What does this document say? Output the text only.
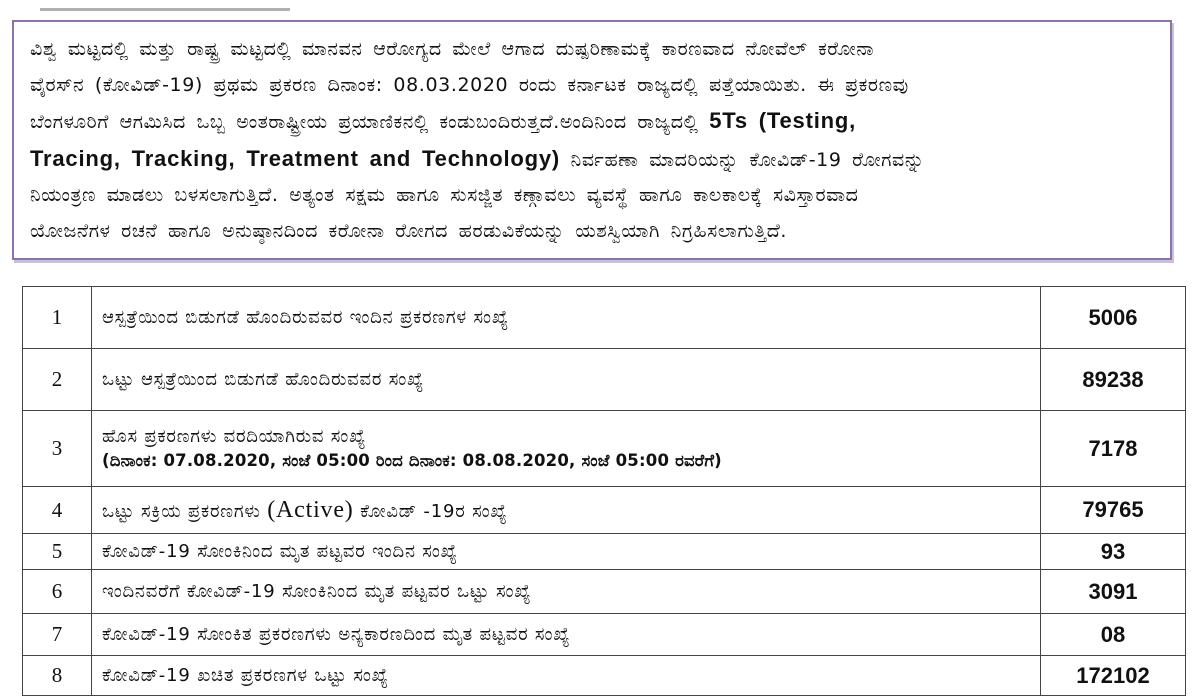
ವಿಶ್ವ ಮಟ್ಟದಲ್ಲಿ ಮತ್ತು ರಾಷ್ಟ್ರ ಮಟ್ಟದಲ್ಲಿ ಮಾನವನ ಆರೋಗ್ಯದ ಮೇಲೆ ಆಗಾದ ದುಷ್ಪರಿಣಾಮಕ್ಕೆ ಕಾರಣವಾದ ನೋವೆಲ್ ಕರೋನಾ
ವೈರಸ್‌ನ (ಕೋವಿಡ್-19) ಪ್ರಥಮ ಪ್ರಕರಣ ದಿನಾಂಕ: 08.03.2020 ರಂದು ಕರ್ನಾಟಕ ರಾಜ್ಯದಲ್ಲಿ ಪತ್ತೆಯಾಯಿತು. ಈ ಪ್ರಕರಣವು
ಬೆಂಗಳೂರಿಗೆ ಆಗಮಿಸಿದ ಒಬ್ಬ ಅಂತರಾಷ್ಟ್ರೀಯ ಪ್ರಯಾಣಿಕನಲ್ಲಿ ಕಂಡುಬಂದಿರುತ್ತದೆ.ಅಂದಿನಿಂದ ರಾಜ್ಯದಲ್ಲಿ 5Ts (Testing,
Tracing, Tracking, Treatment and Technology) ನಿರ್ವಹಣಾ ಮಾದರಿಯನ್ನು ಕೋವಿಡ್-19 ರೋಗವನ್ನು
ನಿಯಂತ್ರಣ ಮಾಡಲು ಬಳಸಲಾಗುತ್ತಿದೆ. ಅತ್ಯಂತ ಸಕ್ಷಮ ಹಾಗೂ ಸುಸಜ್ಜಿತ ಕಣ್ಗಾವಲು ವ್ಯವಸ್ಥೆ ಹಾಗೂ ಕಾಲಕಾಲಕ್ಕೆ ಸವಿಸ್ತಾರವಾದ
ಯೋಜನೆಗಳ ರಚನೆ ಹಾಗೂ ಅನುಷ್ಠಾನದಿಂದ ಕರೋನಾ ರೋಗದ ಹರಡುವಿಕೆಯನ್ನು ಯಶಸ್ವಿಯಾಗಿ ನಿಗ್ರಹಿಸಲಾಗುತ್ತಿದೆ.
1	ಆಸ್ಪತ್ರೆಯಿಂದ ಬಿಡುಗಡೆ ಹೊಂದಿರುವವರ ಇಂದಿನ ಪ್ರಕರಣಗಳ ಸಂಖ್ಯೆ	5006
2	ಒಟ್ಟು ಆಸ್ಪತ್ರೆಯಿಂದ ಬಿಡುಗಡೆ ಹೊಂದಿರುವವರ ಸಂಖ್ಯೆ	89238
3	ಹೊಸ ಪ್ರಕರಣಗಳು ವರದಿಯಾಗಿರುವ ಸಂಖ್ಯೆ
(ದಿನಾಂಕ: 07.08.2020, ಸಂಜೆ 05:00 ರಿಂದ ದಿನಾಂಕ: 08.08.2020, ಸಂಜೆ 05:00 ರವರೆಗೆ)	7178
4	ಒಟ್ಟು ಸಕ್ರಿಯ ಪ್ರಕರಣಗಳು (Active) ಕೋವಿಡ್ -19ರ ಸಂಖ್ಯೆ	79765
5	ಕೋವಿಡ್-19 ಸೋಂಕಿನಿಂದ ಮೃತ ಪಟ್ಟವರ ಇಂದಿನ ಸಂಖ್ಯೆ	93
6	ಇಂದಿನವರೆಗೆ ಕೋವಿಡ್-19 ಸೋಂಕಿನಿಂದ ಮೃತ ಪಟ್ಟವರ ಒಟ್ಟು ಸಂಖ್ಯೆ	3091
7	ಕೋವಿಡ್-19 ಸೋಂಕಿತ ಪ್ರಕರಣಗಳು ಅನ್ಯಕಾರಣದಿಂದ ಮೃತ ಪಟ್ಟವರ ಸಂಖ್ಯೆ	08
8	ಕೋವಿಡ್-19 ಖಚಿತ ಪ್ರಕರಣಗಳ ಒಟ್ಟು ಸಂಖ್ಯೆ	172102
